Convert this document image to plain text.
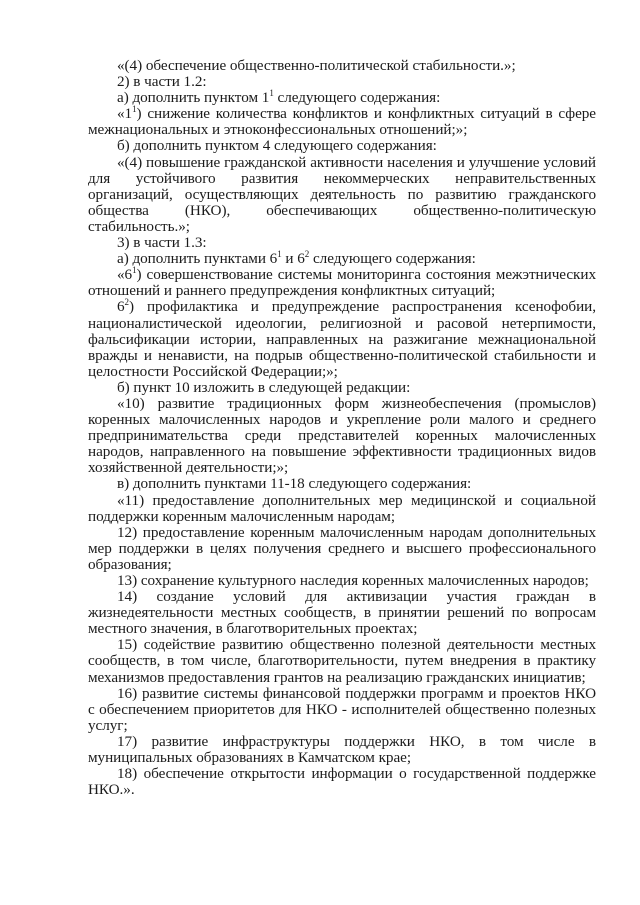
«(4) обеспечение общественно-политической стабильности.»;

2) в части 1.2:

а) дополнить пунктом $1^1$ следующего содержания:

«$1^1$) снижение количества конфликтов и конфликтных ситуаций в сфере межнациональных и этноконфессиональных отношений;»;

б) дополнить пунктом 4 следующего содержания:

«(4) повышение гражданской активности населения и улучшение условий для устойчивого развития некоммерческих неправительственных организаций, осуществляющих деятельность по развитию гражданского общества (НКО), обеспечивающих общественно-политическую стабильность.»;

3) в части 1.3:

а) дополнить пунктами $6^1$ и $6^2$ следующего содержания:

«$6^1$) совершенствование системы мониторинга состояния межэтнических отношений и раннего предупреждения конфликтных ситуаций;

$6^2$) профилактика и предупреждение распространения ксенофобии, националистической идеологии, религиозной и расовой нетерпимости, фальсификации истории, направленных на разжигание межнациональной вражды и ненависти, на подрыв общественно-политической стабильности и целостности Российской Федерации;»;

б) пункт 10 изложить в следующей редакции:

«10) развитие традиционных форм жизнеобеспечения (промыслов) коренных малочисленных народов и укрепление роли малого и среднего предпринимательства среди представителей коренных малочисленных народов, направленного на повышение эффективности традиционных видов хозяйственной деятельности;»;

в) дополнить пунктами 11-18 следующего содержания:

«11) предоставление дополнительных мер медицинской и социальной поддержки коренным малочисленным народам;

12) предоставление коренным малочисленным народам дополнительных мер поддержки в целях получения среднего и высшего профессионального образования;

13) сохранение культурного наследия коренных малочисленных народов;

14) создание условий для активизации участия граждан в жизнедеятельности местных сообществ, в принятии решений по вопросам местного значения, в благотворительных проектах;

15) содействие развитию общественно полезной деятельности местных сообществ, в том числе, благотворительности, путем внедрения в практику механизмов предоставления грантов на реализацию гражданских инициатив;

16) развитие системы финансовой поддержки программ и проектов НКО с обеспечением приоритетов для НКО - исполнителей общественно полезных услуг;

17) развитие инфраструктуры поддержки НКО, в том числе в муниципальных образованиях в Камчатском крае;

18) обеспечение открытости информации о государственной поддержке НКО.».
